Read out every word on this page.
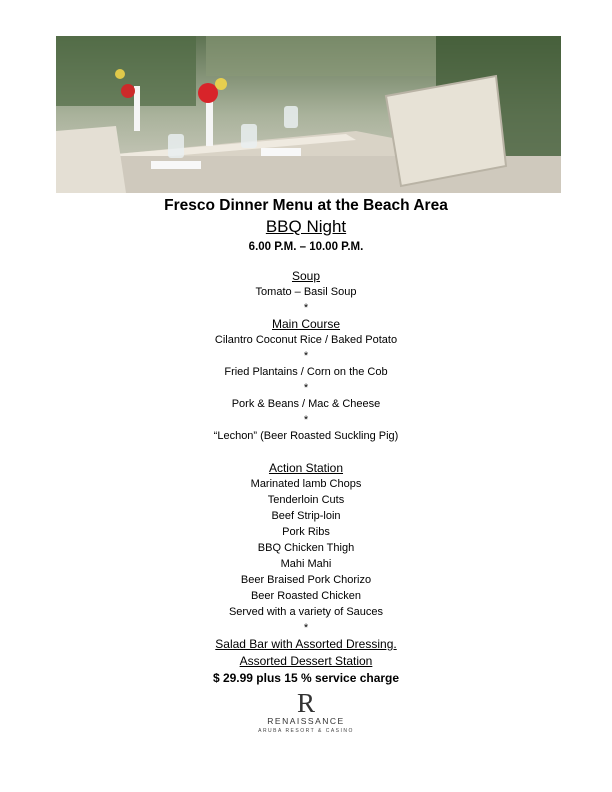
Fresco Dinner Menu at the Beach Area
BBQ Night
6.00 P.M. – 10.00 P.M.
Soup
Tomato – Basil Soup
*
Main Course
Cilantro Coconut Rice / Baked Potato
*
Fried Plantains / Corn on the Cob
*
Pork & Beans / Mac & Cheese
*
“Lechon” (Beer Roasted Suckling Pig)
Action Station
Marinated lamb Chops
Tenderloin Cuts
Beef Strip-loin
Pork Ribs
BBQ Chicken Thigh
Mahi Mahi
Beer Braised Pork Chorizo
Beer Roasted Chicken
Served with a variety of Sauces
*
Salad Bar with Assorted Dressing.
Assorted Dessert Station
$ 29.99 plus 15 % service charge
R
RENAISSANCE
ARUBA RESORT & CASINO
